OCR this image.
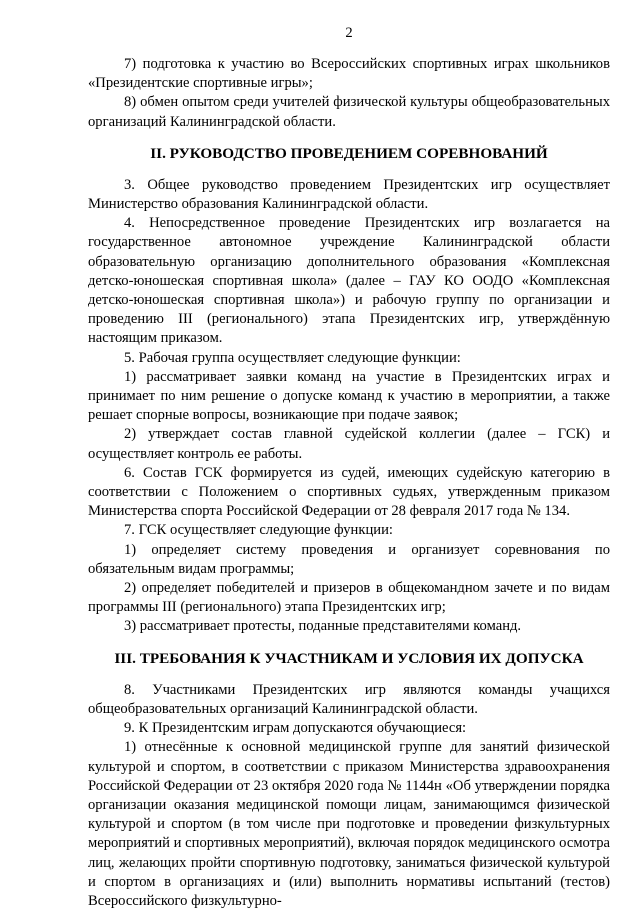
2

7) подготовка к участию во Всероссийских спортивных играх школьников «Президентские спортивные игры»;

8) обмен опытом среди учителей физической культуры общеобразовательных организаций Калининградской области.

II. РУКОВОДСТВО ПРОВЕДЕНИЕМ СОРЕВНОВАНИЙ

3. Общее руководство проведением Президентских игр осуществляет Министерство образования Калининградской области.

4. Непосредственное проведение Президентских игр возлагается на государственное автономное учреждение Калининградской области образовательную организацию дополнительного образования «Комплексная детско-юношеская спортивная школа» (далее – ГАУ КО ООДО «Комплексная детско-юношеская спортивная школа») и рабочую группу по организации и проведению III (регионального) этапа Президентских игр, утверждённую настоящим приказом.

5. Рабочая группа осуществляет следующие функции:

1) рассматривает заявки команд на участие в Президентских играх и принимает по ним решение о допуске команд к участию в мероприятии, а также решает спорные вопросы, возникающие при подаче заявок;

2) утверждает состав главной судейской коллегии (далее – ГСК) и осуществляет контроль ее работы.

6. Состав ГСК формируется из судей, имеющих судейскую категорию в соответствии с Положением о спортивных судьях, утвержденным приказом Министерства спорта Российской Федерации от 28 февраля 2017 года № 134.

7. ГСК осуществляет следующие функции:

1) определяет систему проведения и организует соревнования по обязательным видам программы;

2) определяет победителей и призеров в общекомандном зачете и по видам программы III (регионального) этапа Президентских игр;

3) рассматривает протесты, поданные представителями команд.

III. ТРЕБОВАНИЯ К УЧАСТНИКАМ И УСЛОВИЯ ИХ ДОПУСКА

8. Участниками Президентских игр являются команды учащихся общеобразовательных организаций Калининградской области.

9. К Президентским играм допускаются обучающиеся:

1) отнесённые к основной медицинской группе для занятий физической культурой и спортом, в соответствии с приказом Министерства здравоохранения Российской Федерации от 23 октября 2020 года № 1144н «Об утверждении порядка организации оказания медицинской помощи лицам, занимающимся физической культурой и спортом (в том числе при подготовке и проведении физкультурных мероприятий и спортивных мероприятий), включая порядок медицинского осмотра лиц, желающих пройти спортивную подготовку, заниматься физической культурой и спортом в организациях и (или) выполнить нормативы испытаний (тестов) Всероссийского физкультурно-
